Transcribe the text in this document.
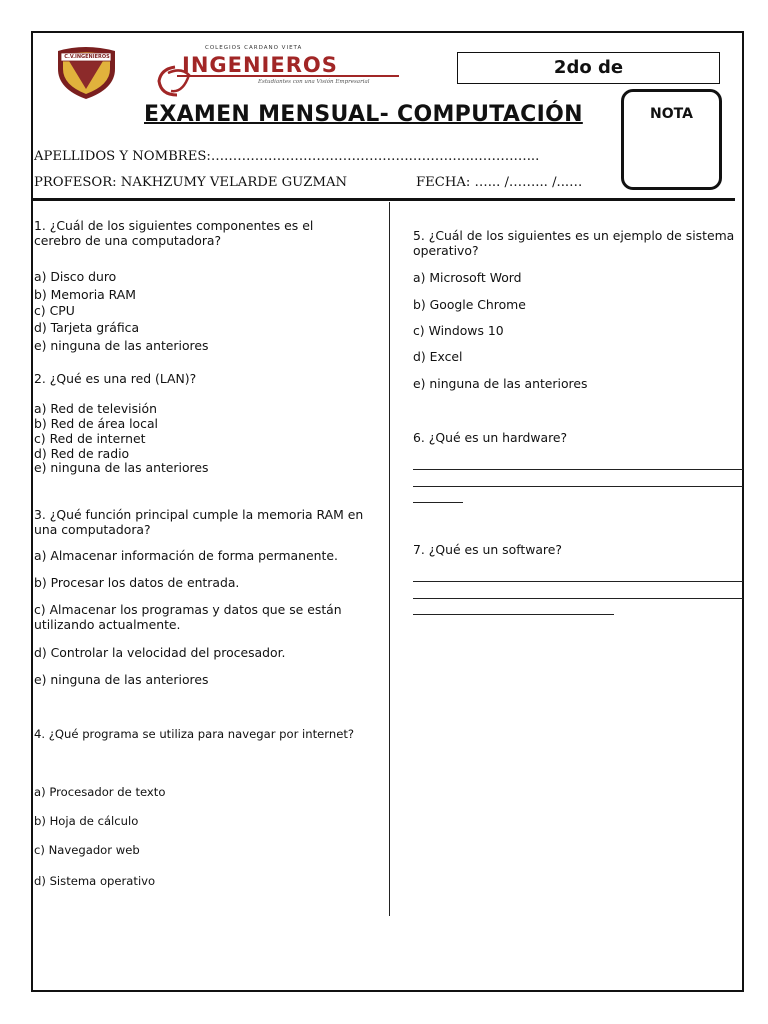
C.V.INGENIEROS
COLEGIOS CARDANO VIETA
INGENIEROS
Estudiantes con una Visión Empresarial
2do de
EXAMEN MENSUAL- COMPUTACIÓN	NOTA
APELLIDOS Y NOMBRES:……………………………………….…………..…………...
PROFESOR: NAKHZUMY VELARDE GUZMAN	FECHA: …... /……... /...…
1. ¿Cuál de los siguientes componentes es el cerebro de una computadora?
a) Disco duro
b) Memoria RAM
c) CPU
d) Tarjeta gráfica
e) ninguna de las anteriores
2. ¿Qué es una red (LAN)?
a) Red de televisión
b) Red de área local
c) Red de internet
d) Red de radio
e) ninguna de las anteriores
3. ¿Qué función principal cumple la memoria RAM en una computadora?
a) Almacenar información de forma permanente.
b) Procesar los datos de entrada.
c) Almacenar los programas y datos que se están utilizando actualmente.
d) Controlar la velocidad del procesador.
e) ninguna de las anteriores
4. ¿Qué programa se utiliza para navegar por internet?
a) Procesador de texto
b) Hoja de cálculo
c) Navegador web
d) Sistema operativo
5. ¿Cuál de los siguientes es un ejemplo de sistema operativo?
a) Microsoft Word
b) Google Chrome
c) Windows 10
d) Excel
e) ninguna de las anteriores
6. ¿Qué es un hardware?
7. ¿Qué es un software?
